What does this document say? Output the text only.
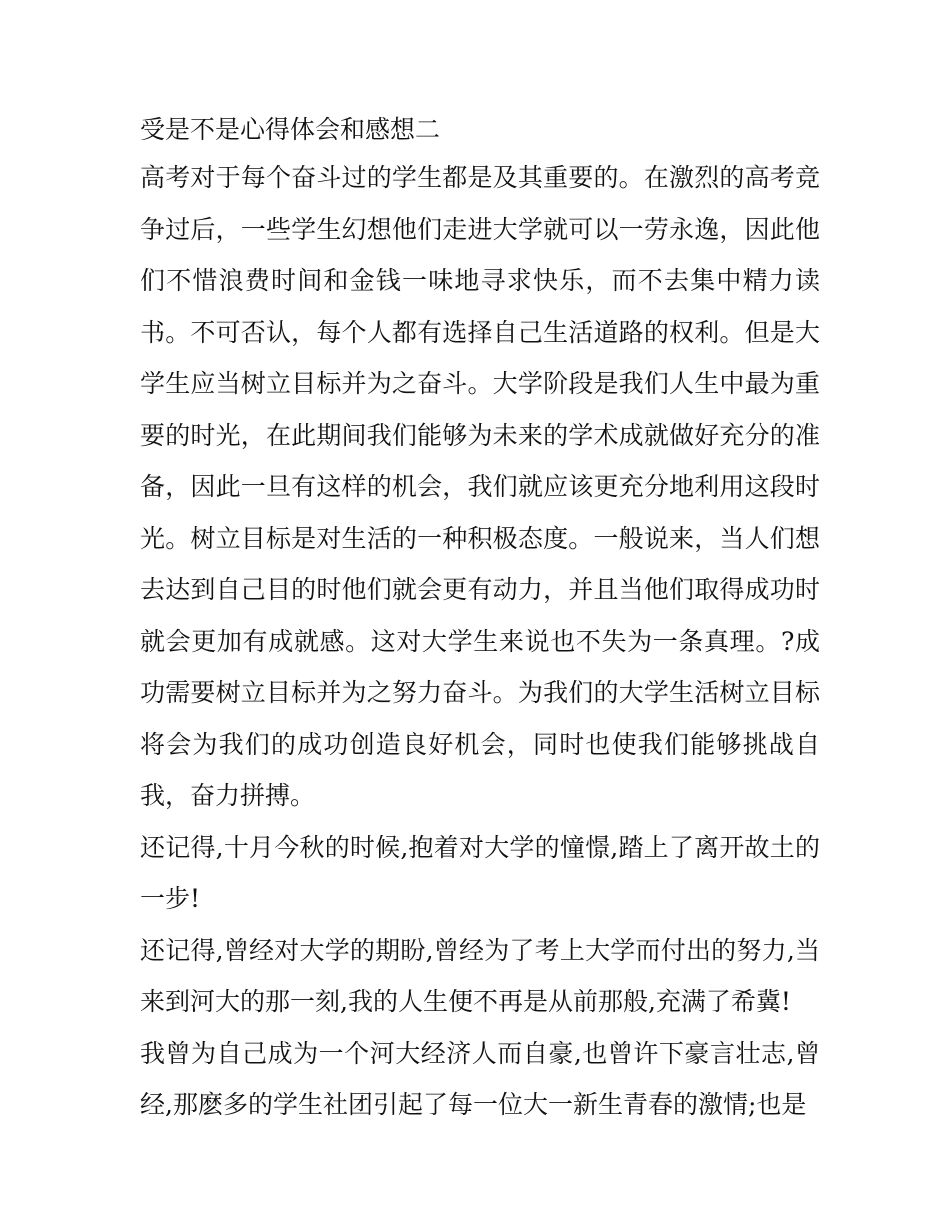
受是不是心得体会和感想二

高考对于每个奋斗过的学生都是及其重要的。在激烈的高考竞争过后，一些学生幻想他们走进大学就可以一劳永逸，因此他们不惜浪费时间和金钱一味地寻求快乐，而不去集中精力读书。不可否认，每个人都有选择自己生活道路的权利。但是大学生应当树立目标并为之奋斗。大学阶段是我们人生中最为重要的时光，在此期间我们能够为未来的学术成就做好充分的准备，因此一旦有这样的机会，我们就应该更充分地利用这段时光。树立目标是对生活的一种积极态度。一般说来，当人们想去达到自己目的时他们就会更有动力，并且当他们取得成功时就会更加有成就感。这对大学生来说也不失为一条真理。?成功需要树立目标并为之努力奋斗。为我们的大学生活树立目标将会为我们的成功创造良好机会，同时也使我们能够挑战自我，奋力拼搏。

还记得,十月今秋的时候,抱着对大学的憧憬,踏上了离开故土的一步!

还记得,曾经对大学的期盼,曾经为了考上大学而付出的努力,当来到河大的那一刻,我的人生便不再是从前那般,充满了希冀!

我曾为自己成为一个河大经济人而自豪,也曾许下豪言壮志,曾经,那麽多的学生社团引起了每一位大一新生青春的激情;也是
